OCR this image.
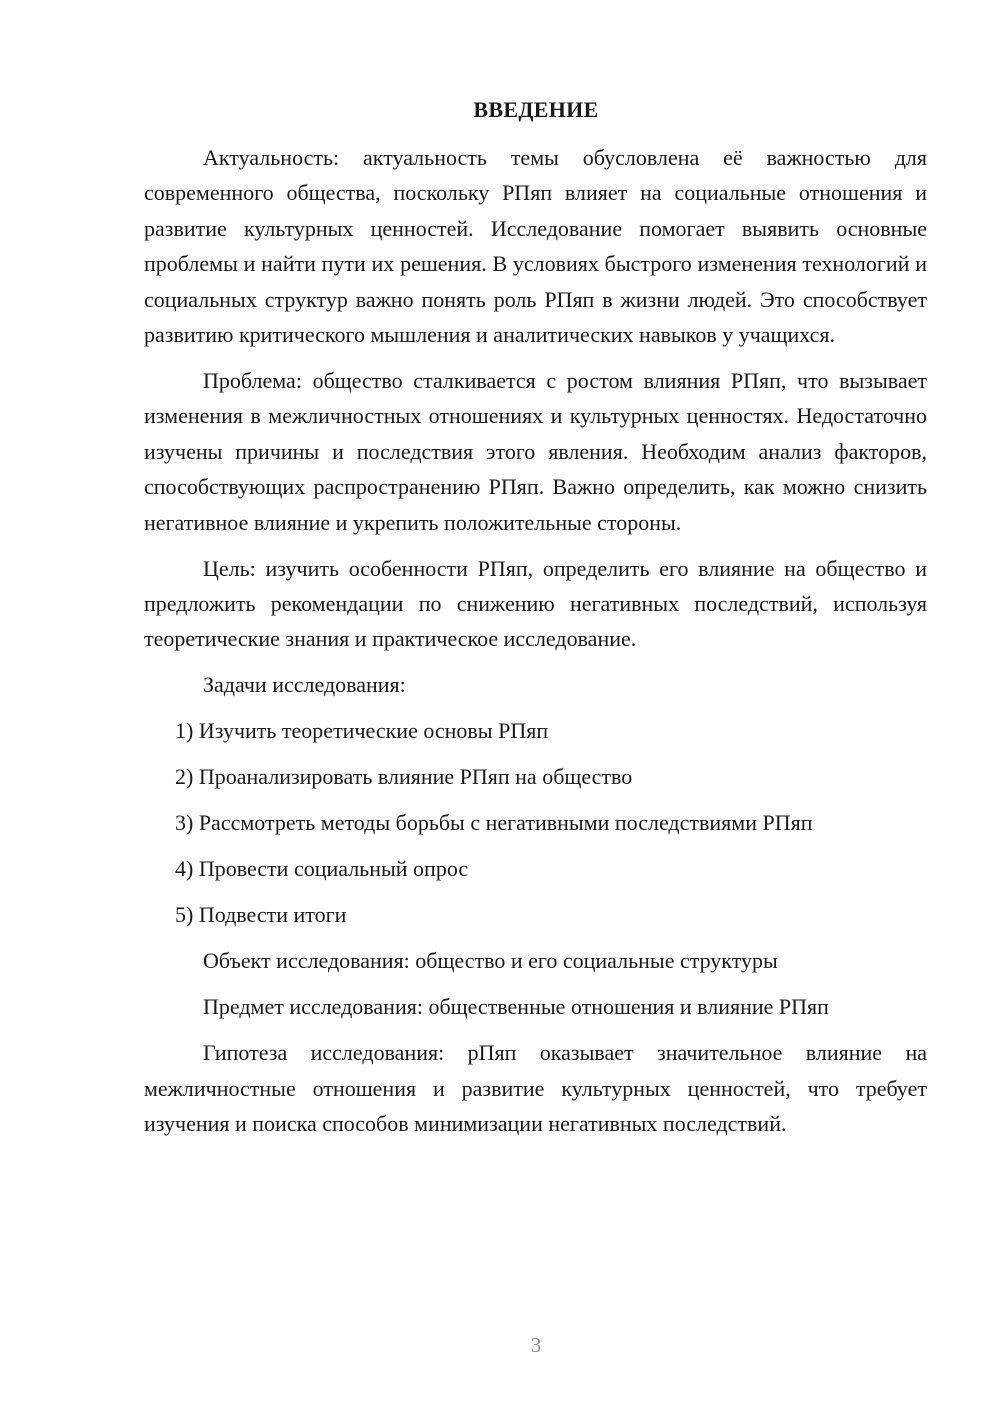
ВВЕДЕНИЕ

Актуальность: актуальность темы обусловлена её важностью для современного общества, поскольку РПяп влияет на социальные отношения и развитие культурных ценностей. Исследование помогает выявить основные проблемы и найти пути их решения. В условиях быстрого изменения технологий и социальных структур важно понять роль РПяп в жизни людей. Это способствует развитию критического мышления и аналитических навыков у учащихся.

Проблема: общество сталкивается с ростом влияния РПяп, что вызывает изменения в межличностных отношениях и культурных ценностях. Недостаточно изучены причины и последствия этого явления. Необходим анализ факторов, способствующих распространению РПяп. Важно определить, как можно снизить негативное влияние и укрепить положительные стороны.

Цель: изучить особенности РПяп, определить его влияние на общество и предложить рекомендации по снижению негативных последствий, используя теоретические знания и практическое исследование.

Задачи исследования:

1) Изучить теоретические основы РПяп

2) Проанализировать влияние РПяп на общество

3) Рассмотреть методы борьбы с негативными последствиями РПяп

4) Провести социальный опрос

5) Подвести итоги

Объект исследования: общество и его социальные структуры

Предмет исследования: общественные отношения и влияние РПяп

Гипотеза исследования: рПяп оказывает значительное влияние на межличностные отношения и развитие культурных ценностей, что требует изучения и поиска способов минимизации негативных последствий.

3
